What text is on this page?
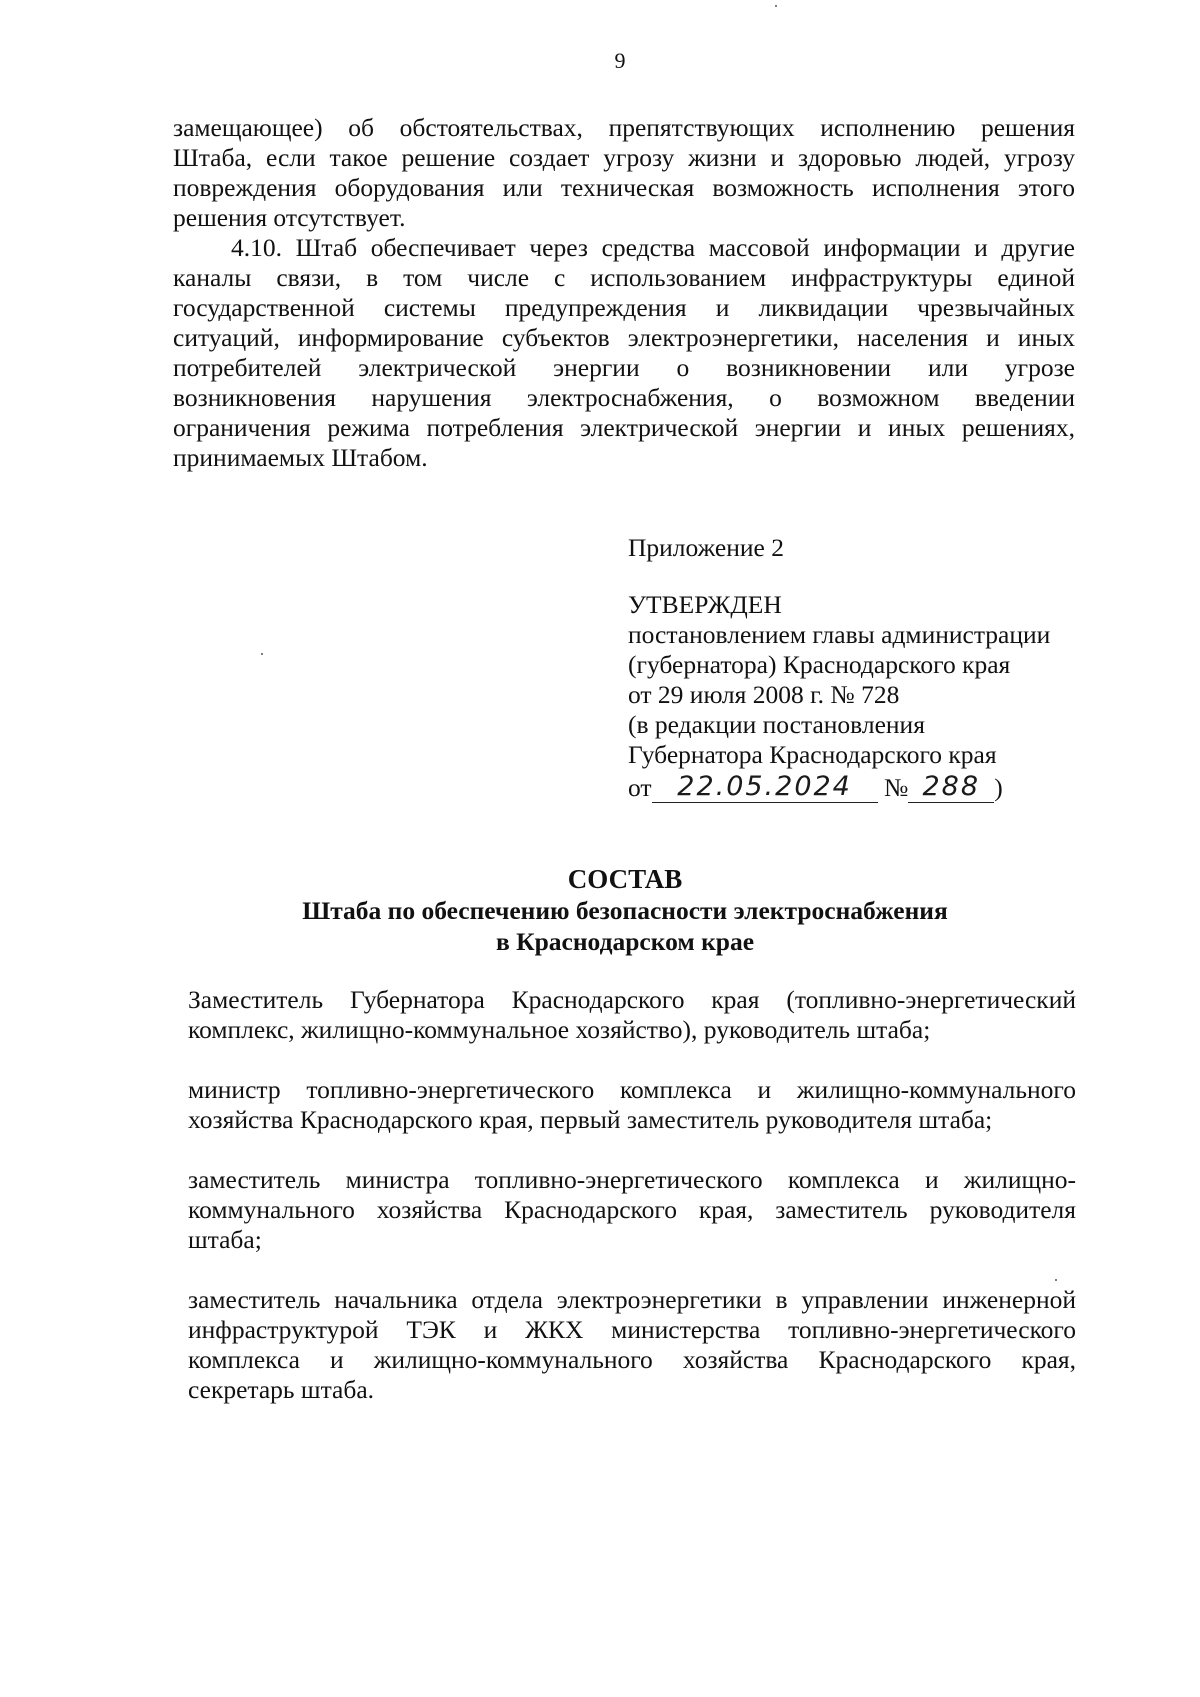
9
замещающее) об обстоятельствах, препятствующих исполнению решения
Штаба, если такое решение создает угрозу жизни и здоровью людей, угрозу
повреждения оборудования или техническая возможность исполнения этого
решения отсутствует.
4.10. Штаб обеспечивает через средства массовой информации и другие
каналы связи, в том числе с использованием инфраструктуры единой
государственной системы предупреждения и ликвидации чрезвычайных
ситуаций, информирование субъектов электроэнергетики, населения и иных
потребителей электрической энергии о возникновении или угрозе
возникновения нарушения электроснабжения, о возможном введении
ограничения режима потребления электрической энергии и иных решениях,
принимаемых Штабом.
Приложение 2
УТВЕРЖДЕН
постановлением главы администрации
(губернатора) Краснодарского края
от 29 июля 2008 г. № 728
(в редакции постановления
Губернатора Краснодарского края
от 22.05.2024 № 288 )
СОСТАВ
Штаба по обеспечению безопасности электроснабжения
в Краснодарском крае
Заместитель Губернатора Краснодарского края (топливно-энергетический
комплекс, жилищно-коммунальное хозяйство), руководитель штаба;
министр топливно-энергетического комплекса и жилищно-коммунального
хозяйства Краснодарского края, первый заместитель руководителя штаба;
заместитель министра топливно-энергетического комплекса и жилищно-
коммунального хозяйства Краснодарского края, заместитель руководителя
штаба;
заместитель начальника отдела электроэнергетики в управлении инженерной
инфраструктурой ТЭК и ЖКХ министерства топливно-энергетического
комплекса и жилищно-коммунального хозяйства Краснодарского края,
секретарь штаба.
